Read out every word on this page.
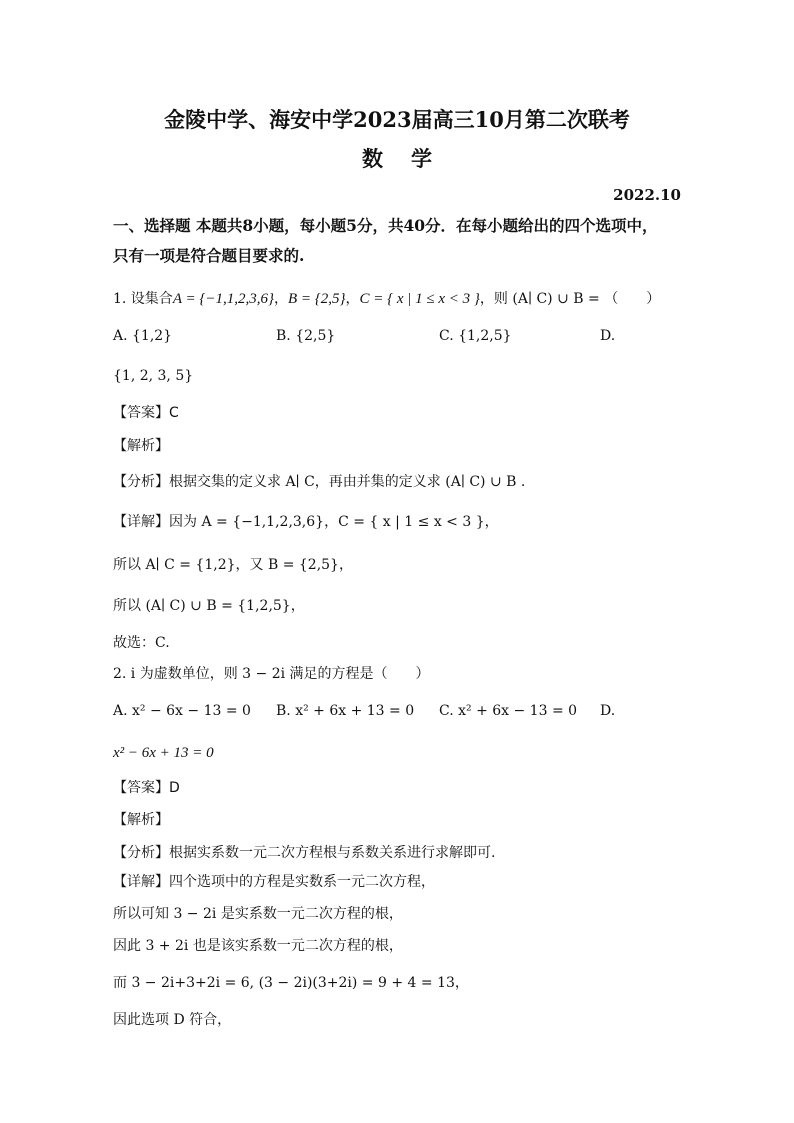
金陵中学、海安中学2023届高三10月第二次联考
数学
2022.10
一、选择题 本题共8小题，每小题5分，共40分．在每小题给出的四个选项中，
只有一项是符合题目要求的.
1. 设集合A = {−1,1,2,3,6}，B = {2,5}，C = { x | 1 ≤ x < 3 }，则 (A∣ C) ∪ B = （　　）
A. {1,2}	B. {2,5}	C. {1,2,5}	D.
{1, 2, 3, 5}
【答案】C
【解析】
【分析】根据交集的定义求 A∣ C，再由并集的定义求 (A∣ C) ∪ B .
【详解】因为 A = {−1,1,2,3,6}，C = { x | 1 ≤ x < 3 }，
所以 A∣ C = {1,2}，又 B = {2,5}，
所以 (A∣ C) ∪ B = {1,2,5}，
故选：C.
2. i 为虚数单位，则 3 − 2i 满足的方程是（　　）
A. x² − 6x − 13 = 0 B. x² + 6x + 13 = 0 C. x² + 6x − 13 = 0 D.
x² − 6x + 13 = 0
【答案】D
【解析】
【分析】根据实系数一元二次方程根与系数关系进行求解即可.
【详解】四个选项中的方程是实数系一元二次方程，
所以可知 3 − 2i 是实系数一元二次方程的根，
因此 3 + 2i 也是该实系数一元二次方程的根，
而 3 − 2i+3+2i = 6, (3 − 2i)(3+2i) = 9 + 4 = 13，
因此选项 D 符合，
